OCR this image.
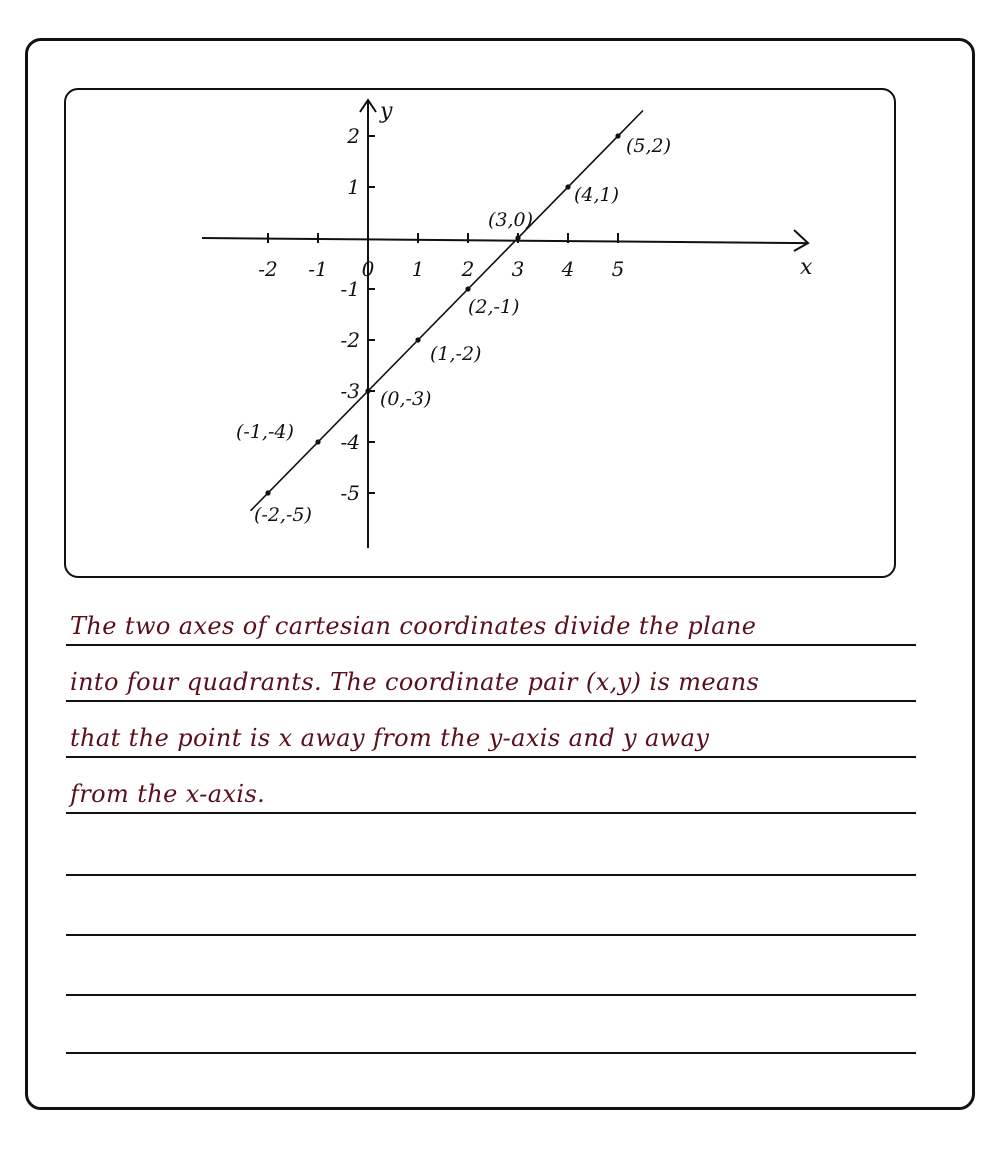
x
y
-2 -1 0 1 2 3 4 5
2
1
-1
-2
-3
-4
-5
(-2,-5)
(-1,-4)
(0,-3)
(1,-2)
(2,-1)
(3,0)
(4,1)
(5,2)
The two axes of cartesian coordinates divide the plane
into four quadrants. The coordinate pair (x,y) is means
that the point is x away from the y-axis and y away
from the x-axis.
